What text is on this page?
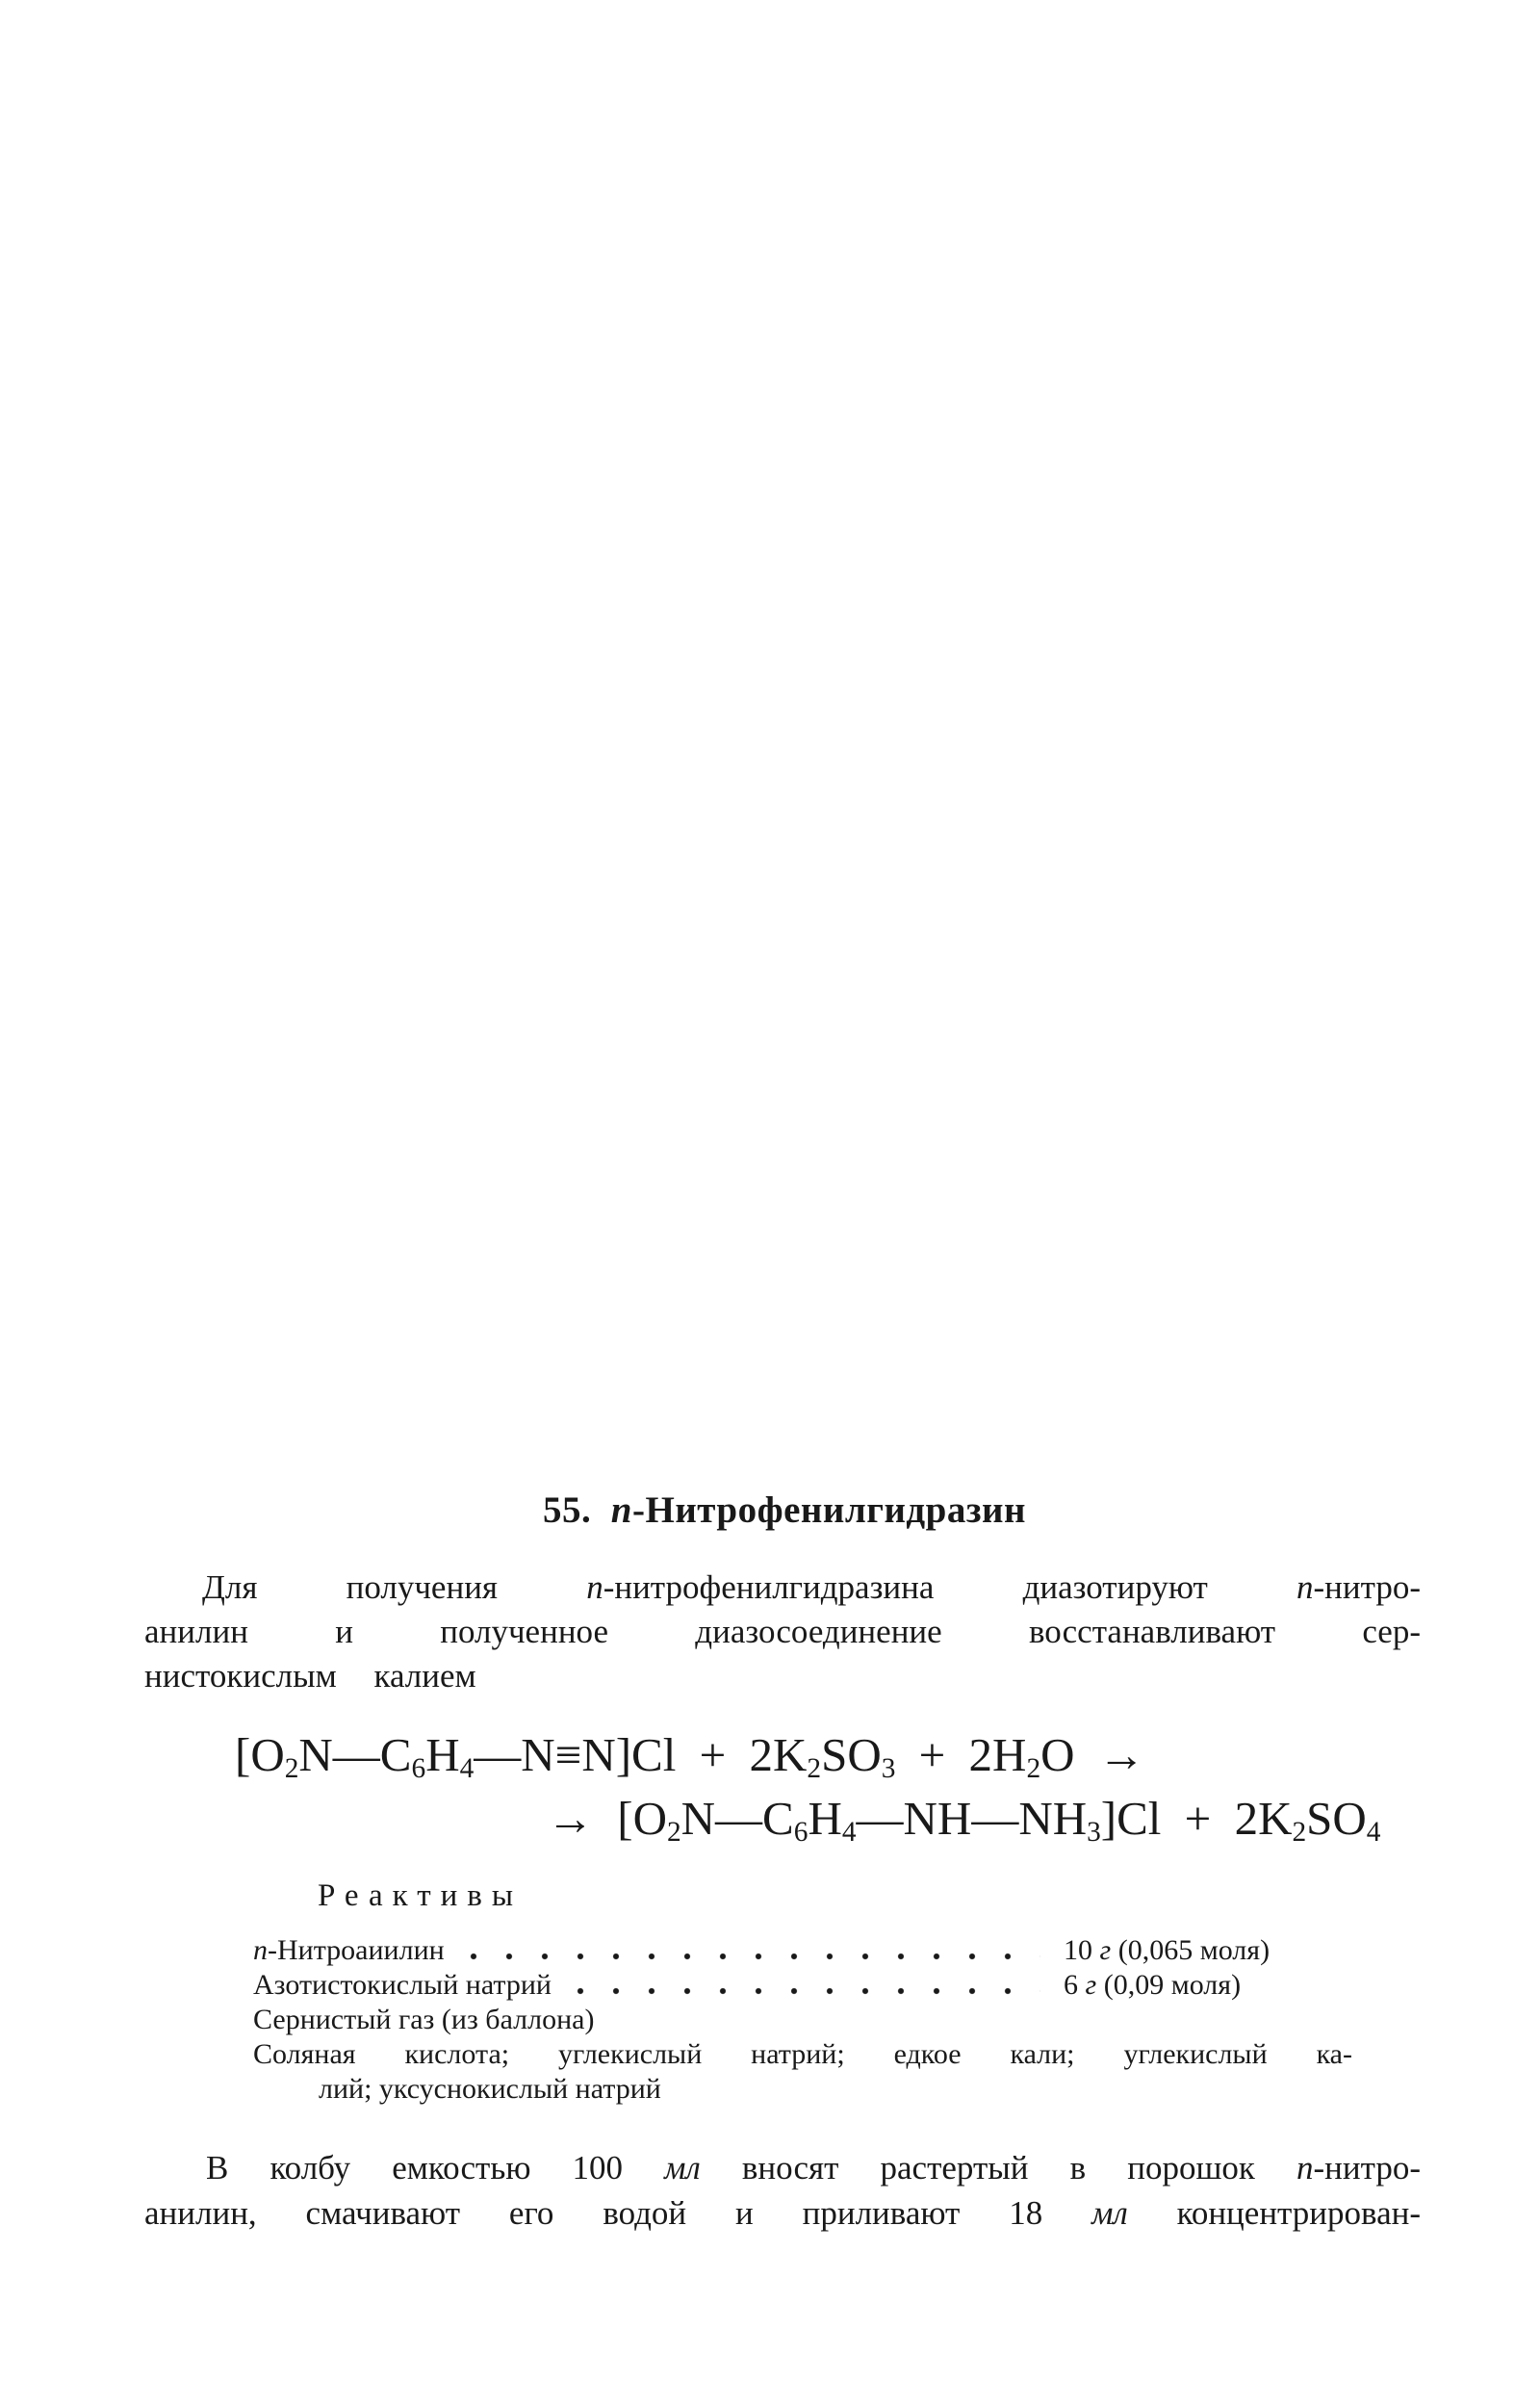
55.  п-Нитрофенилгидразин
Для получения п-нитрофенилгидразина диазотируют п-нитро-
анилин и полученное диазосоединение восстанавливают сер-
нистокислым калием
[O2N—C6H4—N≡N]Cl + 2K2SO3 + 2H2O →
→ [O2N—C6H4—NH—NH3]Cl + 2K2SO4
Реактивы
п-Нитроаиилин	10 г (0,065 моля)
Азотистокислый натрий	6 г (0,09 моля)
Сернистый газ (из баллона)
Соляная кислота; углекислый натрий; едкое кали; углекислый ка-
лий; уксуснокислый натрий
В колбу емкостью 100 мл вносят растертый в порошок п-нитро-
анилин, смачивают его водой и приливают 18 мл концентрирован-
